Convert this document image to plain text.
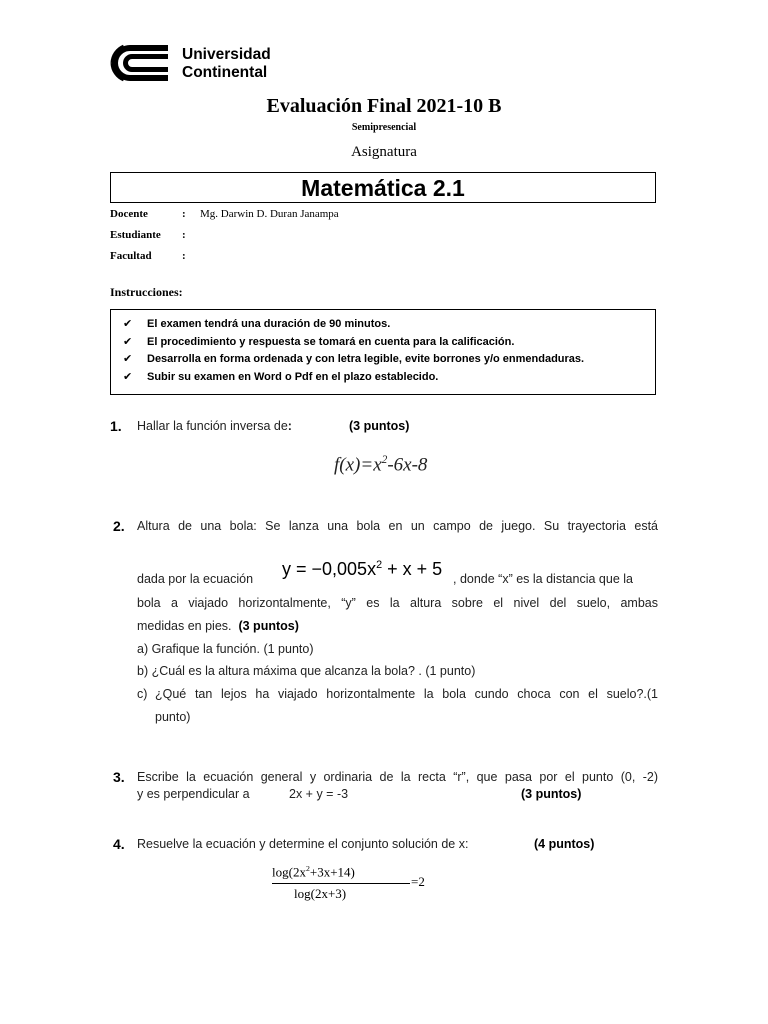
Universidad
Continental
Evaluación Final 2021-10 B
Semipresencial
Asignatura
Matemática 2.1
Docente	: Mg. Darwin D. Duran Janampa
Estudiante	:
Facultad	:
Instrucciones:
✔ El examen tendrá una duración de 90 minutos.
✔ El procedimiento y respuesta se tomará en cuenta para la calificación.
✔ Desarrolla en forma ordenada y con letra legible, evite borrones y/o enmendaduras.
✔ Subir su examen en Word o Pdf en el plazo establecido.
1. Hallar la función inversa de:	(3 puntos)
$f(x)=x^2-6x-8$
2. Altura de una bola: Se lanza una bola en un campo de juego. Su trayectoria está
dada por la ecuación $y = -0,005x^2 + x + 5$ , donde “x” es la distancia que la
bola a viajado horizontalmente, “y” es la altura sobre el nivel del suelo, ambas
medidas en pies. (3 puntos)
a) Grafique la función. (1 punto)
b) ¿Cuál es la altura máxima que alcanza la bola? . (1 punto)
c) ¿Qué tan lejos ha viajado horizontalmente la bola cundo choca con el suelo?.(1
punto)
3. Escribe la ecuación general y ordinaria de la recta “r”, que pasa por el punto (0, -2)
y es perpendicular a	2x + y = -3	(3 puntos)
4. Resuelve la ecuación y determine el conjunto solución de x:	(4 puntos)
$\log(2x^2+3x+14)$
log(2x+3)
=2
